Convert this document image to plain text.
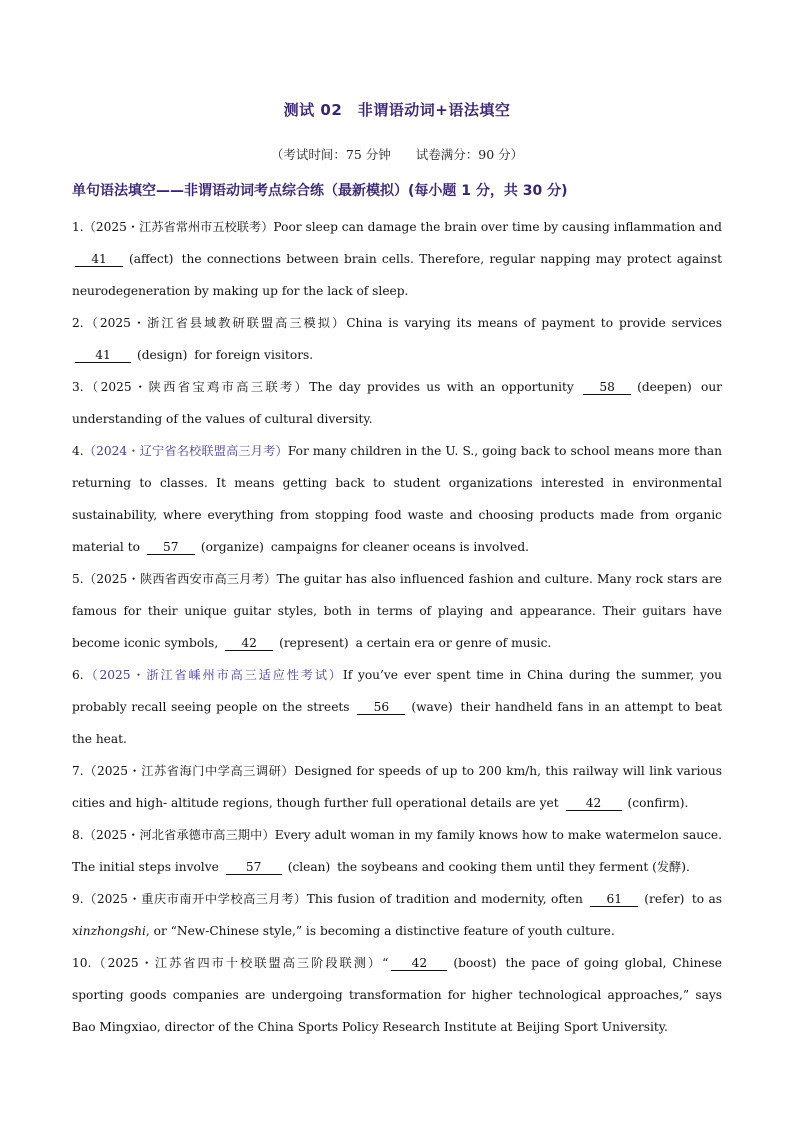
测试 02　非谓语动词+语法填空
（考试时间：75 分钟　　试卷满分：90 分）
单句语法填空——非谓语动词考点综合练（最新模拟）(每小题 1 分，共 30 分)

1.（2025・江苏省常州市五校联考）Poor sleep can damage the brain over time by causing inflammation and 41 (affect) the connections between brain cells. Therefore, regular napping may protect against neurodegeneration by making up for the lack of sleep.

2.（2025・浙江省县域教研联盟高三模拟）China is varying its means of payment to provide services 41 (design) for foreign visitors.

3.（2025・陕西省宝鸡市高三联考）The day provides us with an opportunity 58 (deepen) our understanding of the values of cultural diversity.

4.（2024・辽宁省名校联盟高三月考）For many children in the U. S., going back to school means more than returning to classes. It means getting back to student organizations interested in environmental sustainability, where everything from stopping food waste and choosing products made from organic material to 57 (organize) campaigns for cleaner oceans is involved.

5.（2025・陕西省西安市高三月考）The guitar has also influenced fashion and culture. Many rock stars are famous for their unique guitar styles, both in terms of playing and appearance. Their guitars have become iconic symbols, 42 (represent) a certain era or genre of music.

6.（2025・浙江省嵊州市高三适应性考试）If you’ve ever spent time in China during the summer, you probably recall seeing people on the streets 56 (wave) their handheld fans in an attempt to beat the heat.

7.（2025・江苏省海门中学高三调研）Designed for speeds of up to 200 km/h, this railway will link various cities and high- altitude regions, though further full operational details are yet 42 (confirm).

8.（2025・河北省承德市高三期中）Every adult woman in my family knows how to make watermelon sauce. The initial steps involve 57 (clean) the soybeans and cooking them until they ferment (发酵).

9.（2025・重庆市南开中学校高三月考）This fusion of tradition and modernity, often 61 (refer) to as xinzhongshi, or “New-Chinese style,” is becoming a distinctive feature of youth culture.

10.（2025・江苏省四市十校联盟高三阶段联测）“ 42 (boost) the pace of going global, Chinese sporting goods companies are undergoing transformation for higher technological approaches,” says Bao Mingxiao, director of the China Sports Policy Research Institute at Beijing Sport University.
